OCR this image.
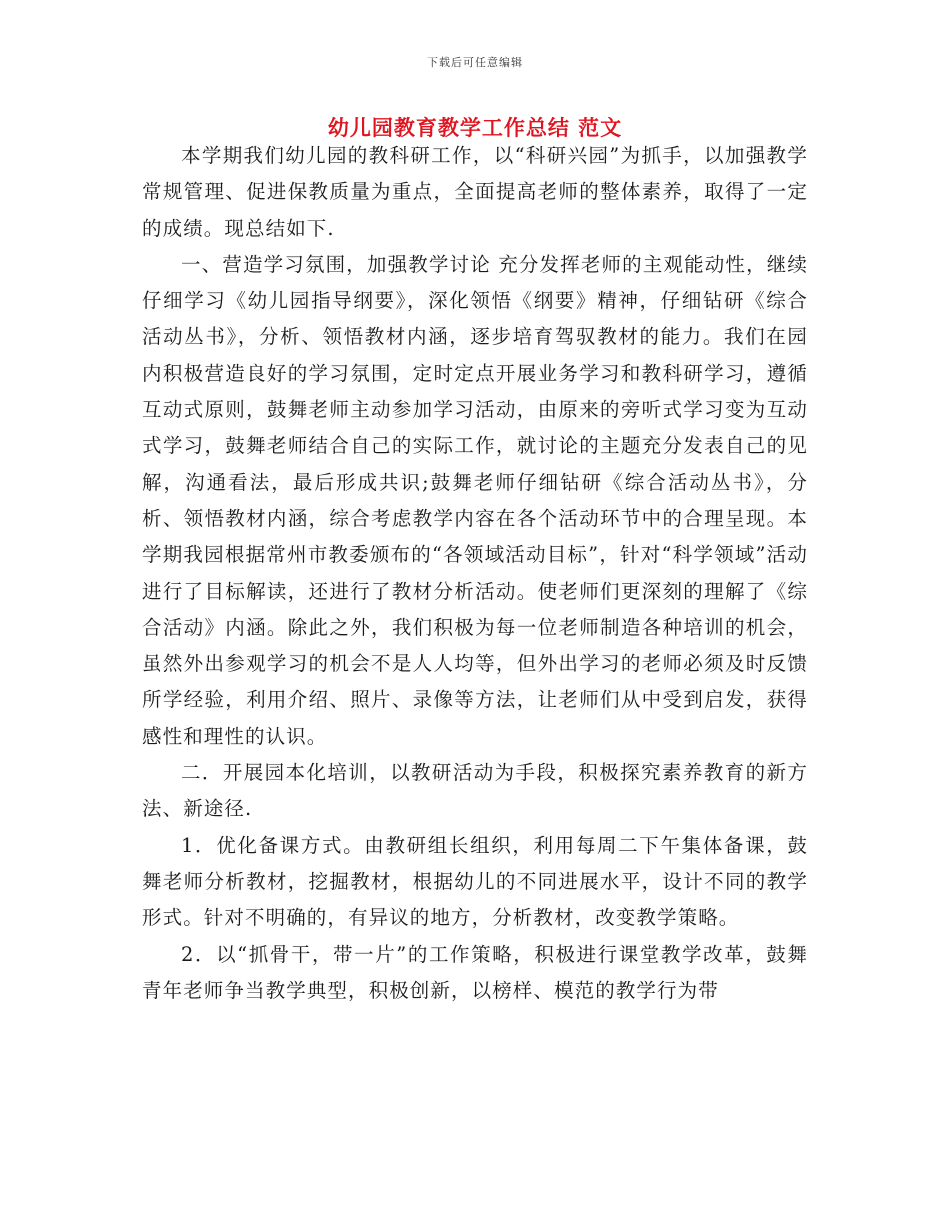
下载后可任意编辑
幼儿园教育教学工作总结 范文

本学期我们幼儿园的教科研工作，以“科研兴园”为抓手，以加强教学常规管理、促进保教质量为重点，全面提高老师的整体素养，取得了一定的成绩。现总结如下.

一、营造学习氛围，加强教学讨论 充分发挥老师的主观能动性，继续仔细学习《幼儿园指导纲要》，深化领悟《纲要》精神，仔细钻研《综合活动丛书》，分析、领悟教材内涵，逐步培育驾驭教材的能力。我们在园内积极营造良好的学习氛围，定时定点开展业务学习和教科研学习，遵循互动式原则，鼓舞老师主动参加学习活动，由原来的旁听式学习变为互动式学习，鼓舞老师结合自己的实际工作，就讨论的主题充分发表自己的见解，沟通看法，最后形成共识;鼓舞老师仔细钻研《综合活动丛书》，分析、领悟教材内涵，综合考虑教学内容在各个活动环节中的合理呈现。本学期我园根据常州市教委颁布的“各领域活动目标”，针对“科学领域”活动进行了目标解读，还进行了教材分析活动。使老师们更深刻的理解了《综合活动》内涵。除此之外，我们积极为每一位老师制造各种培训的机会，虽然外出参观学习的机会不是人人均等，但外出学习的老师必须及时反馈所学经验，利用介绍、照片、录像等方法，让老师们从中受到启发，获得感性和理性的认识。

二．开展园本化培训，以教研活动为手段，积极探究素养教育的新方法、新途径.

1．优化备课方式。由教研组长组织，利用每周二下午集体备课，鼓舞老师分析教材，挖掘教材，根据幼儿的不同进展水平，设计不同的教学形式。针对不明确的，有异议的地方，分析教材，改变教学策略。

2．以“抓骨干，带一片”的工作策略，积极进行课堂教学改革，鼓舞青年老师争当教学典型，积极创新，以榜样、模范的教学行为带
